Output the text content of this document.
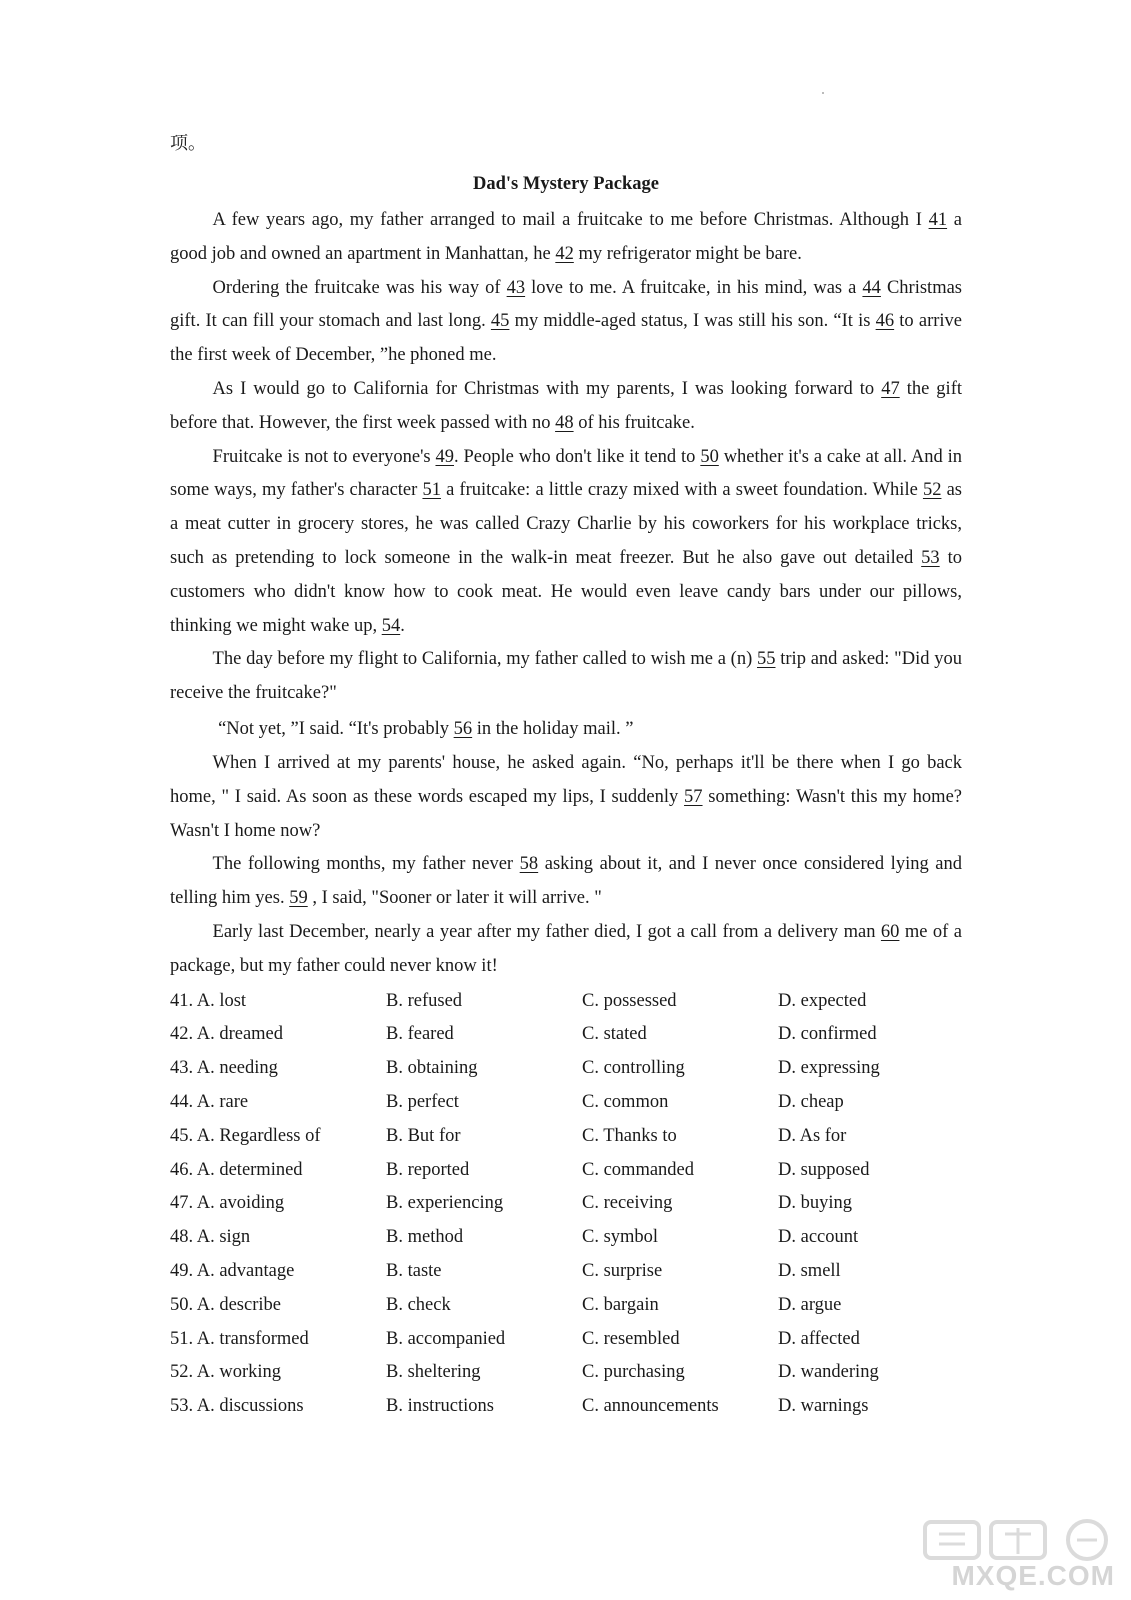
项。
Dad's Mystery Package

A few years ago, my father arranged to mail a fruitcake to me before Christmas. Although I 41 a good job and owned an apartment in Manhattan, he 42 my refrigerator might be bare.

Ordering the fruitcake was his way of 43 love to me. A fruitcake, in his mind, was a 44 Christmas gift. It can fill your stomach and last long. 45 my middle-aged status, I was still his son. “It is 46 to arrive the first week of December, ”he phoned me.

As I would go to California for Christmas with my parents, I was looking forward to 47 the gift before that. However, the first week passed with no 48 of his fruitcake.

Fruitcake is not to everyone's 49. People who don't like it tend to 50 whether it's a cake at all. And in some ways, my father's character 51 a fruitcake: a little crazy mixed with a sweet foundation. While 52 as a meat cutter in grocery stores, he was called Crazy Charlie by his coworkers for his workplace tricks, such as pretending to lock someone in the walk-in meat freezer. But he also gave out detailed 53 to customers who didn't know how to cook meat. He would even leave candy bars under our pillows, thinking we might wake up, 54.

The day before my flight to California, my father called to wish me a (n) 55 trip and asked: "Did you receive the fruitcake?"

“Not yet, ”I said. “It's probably 56 in the holiday mail. ”

When I arrived at my parents' house, he asked again. “No, perhaps it'll be there when I go back home, " I said. As soon as these words escaped my lips, I suddenly 57 something: Wasn't this my home? Wasn't I home now?

The following months, my father never 58 asking about it, and I never once considered lying and telling him yes. 59 , I said, "Sooner or later it will arrive. "

Early last December, nearly a year after my father died, I got a call from a delivery man 60 me of a package, but my father could never know it!

41. A. lost	B. refused	C. possessed	D. expected
42. A. dreamed	B. feared	C. stated	D. confirmed
43. A. needing	B. obtaining	C. controlling	D. expressing
44. A. rare	B. perfect	C. common	D. cheap
45. A. Regardless of	B. But for	C. Thanks to	D. As for
46. A. determined	B. reported	C. commanded	D. supposed
47. A. avoiding	B. experiencing	C. receiving	D. buying
48. A. sign	B. method	C. symbol	D. account
49. A. advantage	B. taste	C. surprise	D. smell
50. A. describe	B. check	C. bargain	D. argue
51. A. transformed	B. accompanied	C. resembled	D. affected
52. A. working	B. sheltering	C. purchasing	D. wandering
53. A. discussions	B. instructions	C. announcements	D. warnings
MXQE.COM
